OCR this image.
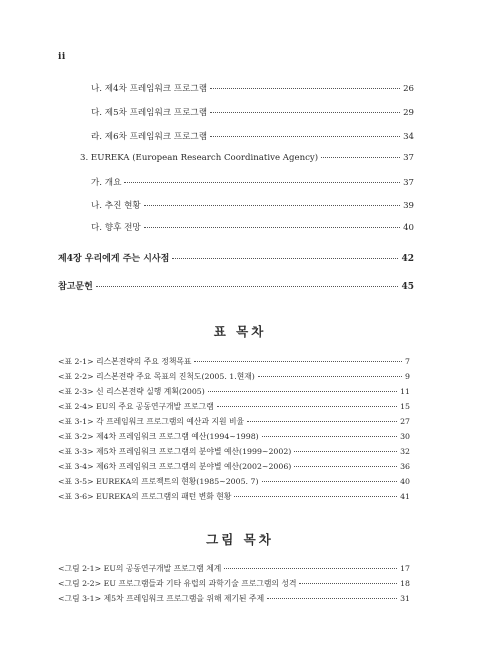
ii
나. 제4차 프레임워크 프로그램	26
다. 제5차 프레임워크 프로그램	29
라. 제6차 프레임워크 프로그램	34
3. EUREKA (European Research Coordinative Agency)	37
가. 개요	37
나. 추진 현황	39
다. 향후 전망	40
제4장 우리에게 주는 시사점	42
참고문헌	45
표 목차
<표 2-1> 리스본전략의 주요 정책목표	7
<표 2-2> 리스본전략 주요 목표의 진척도(2005. 1.현재)	9
<표 2-3> 신 리스본전략 실행 계획(2005)	11
<표 2-4> EU의 주요 공동연구개발 프로그램	15
<표 3-1> 각 프레임워크 프로그램의 예산과 지원 비율	27
<표 3-2> 제4차 프레임워크 프로그램 예산(1994~1998)	30
<표 3-3> 제5차 프레임워크 프로그램의 분야별 예산(1999~2002)	32
<표 3-4> 제6차 프레임워크 프로그램의 분야별 예산(2002~2006)	36
<표 3-5> EUREKA의 프로젝트의 현황(1985~2005. 7)	40
<표 3-6> EUREKA의 프로그램의 패턴 변화 현황	41
그림 목차
<그림 2-1> EU의 공동연구개발 프로그램 체계	17
<그림 2-2> EU 프로그램들과 기타 유럽의 과학기술 프로그램의 성격	18
<그림 3-1> 제5차 프레임워크 프로그램을 위해 제기된 주제	31
